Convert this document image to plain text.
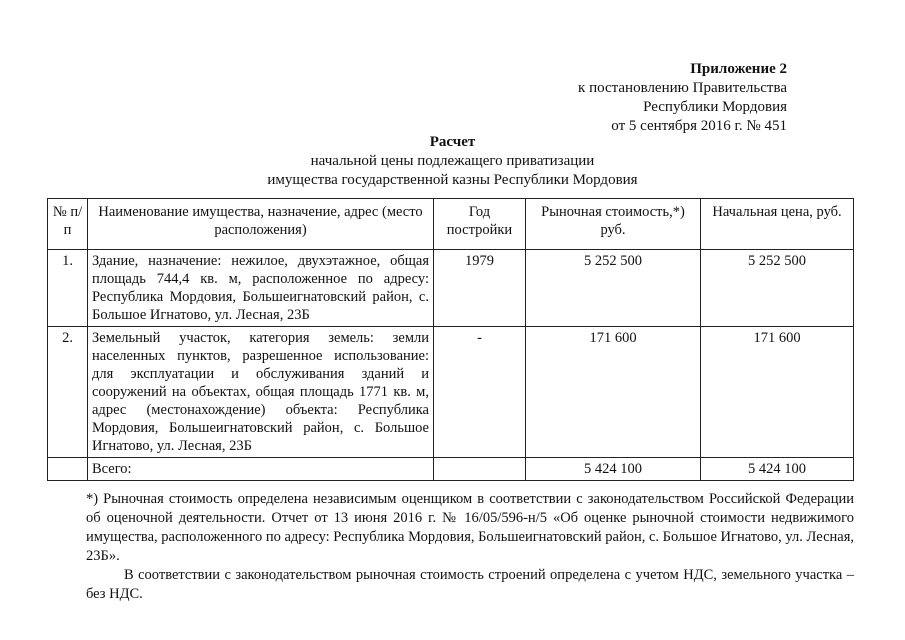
Приложение 2
к постановлению Правительства
Республики Мордовия
от 5 сентября 2016 г. № 451
Расчет
начальной цены подлежащего приватизации
имущества государственной казны Республики Мордовия
№ п/п	Наименование имущества, назначение, адрес (место расположения)	Год постройки	Рыночная стоимость,*) руб.	Начальная цена, руб.
1.	Здание, назначение: нежилое, двухэтажное, общая площадь 744,4 кв. м, расположенное по адресу: Республика Мордовия, Большеигнатовский район, с. Большое Игнатово, ул. Лесная, 23Б	1979	5 252 500	5 252 500
2.	Земельный участок, категория земель: земли населенных пунктов, разрешенное использование: для эксплуатации и обслуживания зданий и сооружений на объектах, общая площадь 1771 кв. м, адрес (местонахождение) объекта: Республика Мордовия, Большеигнатовский район, с. Большое Игнатово, ул. Лесная, 23Б	-	171 600	171 600
	Всего:		5 424 100	5 424 100

*) Рыночная стоимость определена независимым оценщиком в соответствии с законодательством Российской Федерации об оценочной деятельности. Отчет от 13 июня 2016 г. № 16/05/596-н/5 «Об оценке рыночной стоимости недвижимого имущества, расположенного по адресу: Республика Мордовия, Большеигнатовский район, с. Большое Игнатово, ул. Лесная, 23Б».

В соответствии с законодательством рыночная стоимость строений определена с учетом НДС, земельного участка – без НДС.
